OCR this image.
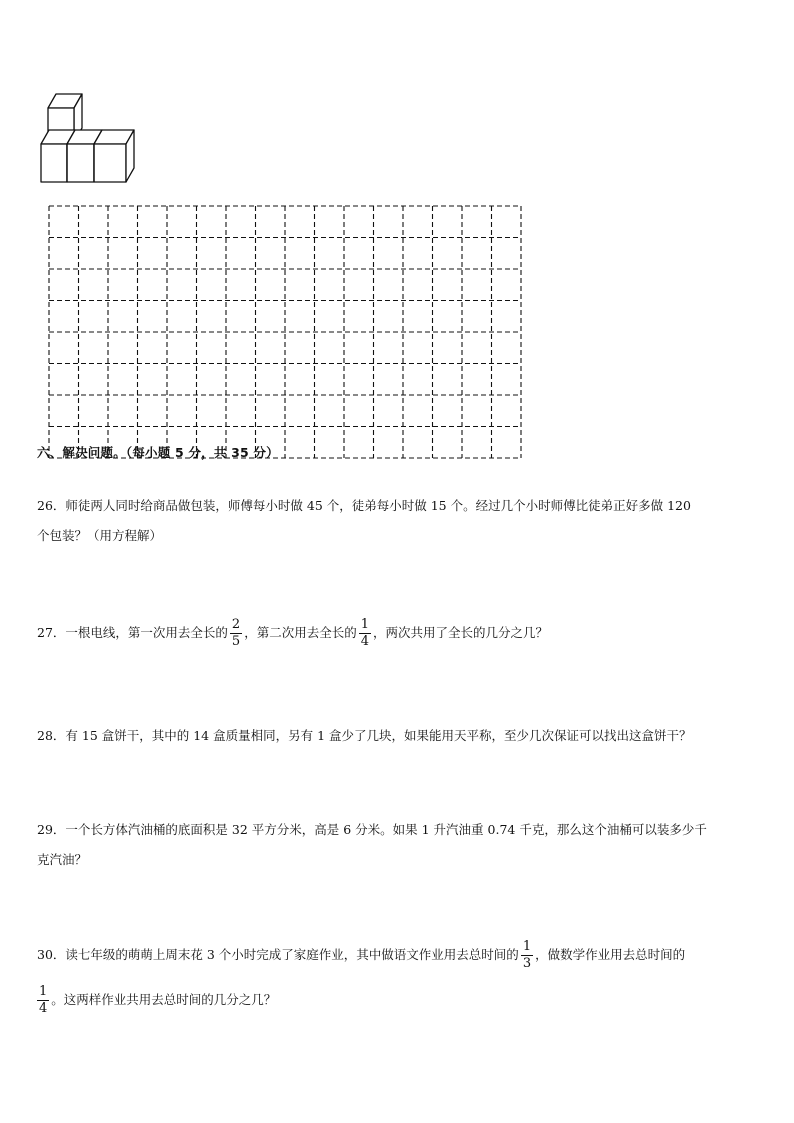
六、解决问题。（每小题 5 分，共 35 分）
26．师徒两人同时给商品做包装，师傅每小时做 45 个，徒弟每小时做 15 个。经过几个小时师傅比徒弟正好多做 120
个包装？（用方程解）
27．一根电线，第一次用去全长的 $\frac{2}{5}$ ，第二次用去全长的 $\frac{1}{4}$ ，两次共用了全长的几分之几？
28．有 15 盒饼干，其中的 14 盒质量相同，另有 1 盒少了几块，如果能用天平称，至少几次保证可以找出这盒饼干？
29．一个长方体汽油桶的底面积是 32 平方分米，高是 6 分米。如果 1 升汽油重 0.74 千克，那么这个油桶可以装多少千
克汽油？
30．读七年级的萌萌上周末花 3 个小时完成了家庭作业，其中做语文作业用去总时间的 $\frac{1}{3}$ ，做数学作业用去总时间的
$\frac{1}{4}$ 。这两样作业共用去总时间的几分之几？
